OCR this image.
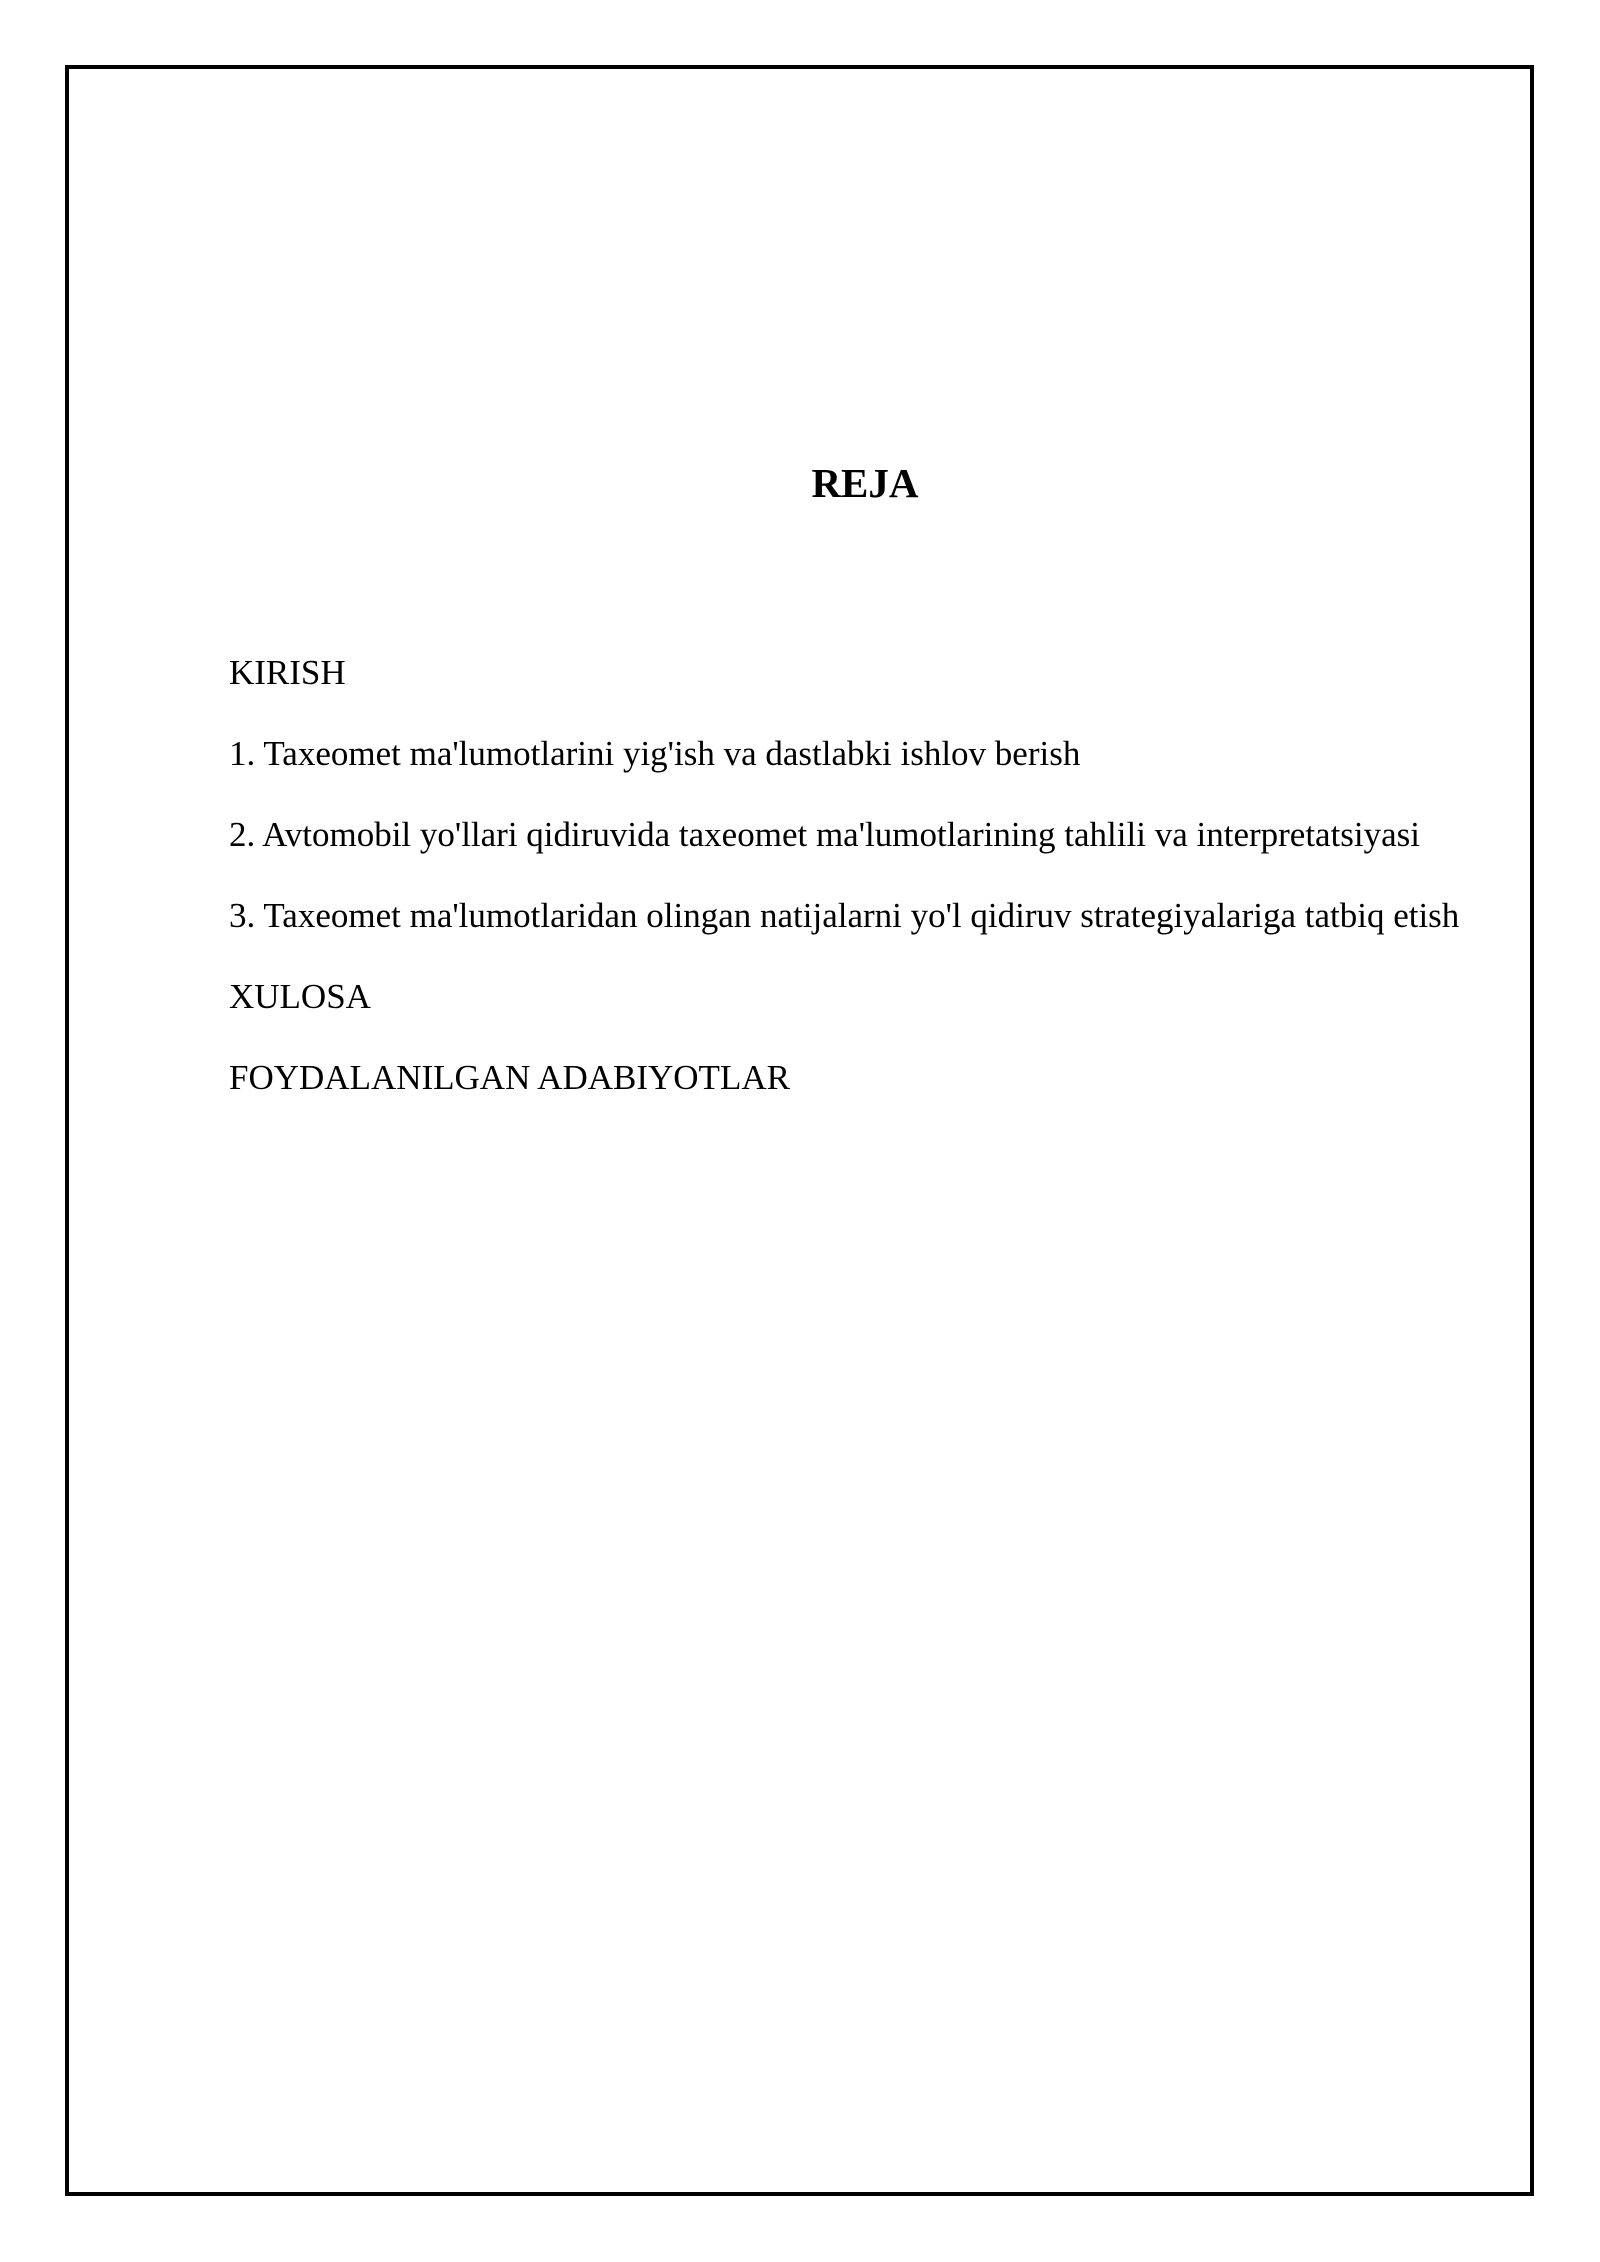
REJA
KIRISH
1. Taxeomet ma'lumotlarini yig'ish va dastlabki ishlov berish
2. Avtomobil yo'llari qidiruvida taxeomet ma'lumotlarining tahlili va interpretatsiyasi
3. Taxeomet ma'lumotlaridan olingan natijalarni yo'l qidiruv strategiyalariga tatbiq etish
XULOSA
FOYDALANILGAN ADABIYOTLAR
